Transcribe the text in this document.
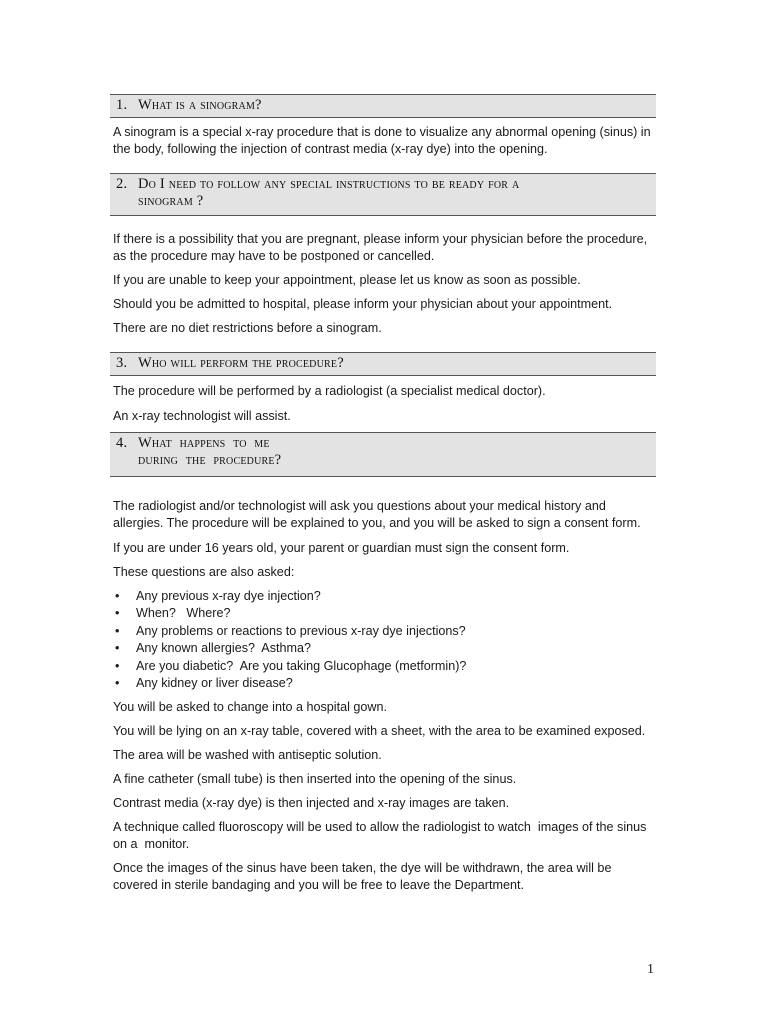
1. What is a sinogram?
A sinogram is a special x-ray procedure that is done to visualize any abnormal opening (sinus) in the body, following the injection of contrast media (x-ray dye) into the opening.
2. Do I need to follow any special instructions to be ready for a
sinogram ?
If there is a possibility that you are pregnant, please inform your physician before the procedure, as the procedure may have to be postponed or cancelled.
If you are unable to keep your appointment, please let us know as soon as possible.
Should you be admitted to hospital, please inform your physician about your appointment.
There are no diet restrictions before a sinogram.
3. Who will perform the procedure?
The procedure will be performed by a radiologist (a specialist medical doctor).
An x-ray technologist will assist.
4. What  happens  to  me
during  the  procedure?
The radiologist and/or technologist will ask you questions about your medical history and allergies. The procedure will be explained to you, and you will be asked to sign a consent form.
If you are under 16 years old, your parent or guardian must sign the consent form.
These questions are also asked:
• Any previous x-ray dye injection?
• When?   Where?
• Any problems or reactions to previous x-ray dye injections?
• Any known allergies?  Asthma?
• Are you diabetic?  Are you taking Glucophage (metformin)?
• Any kidney or liver disease?
You will be asked to change into a hospital gown.
You will be lying on an x-ray table, covered with a sheet, with the area to be examined exposed.
The area will be washed with antiseptic solution.
A fine catheter (small tube) is then inserted into the opening of the sinus.
Contrast media (x-ray dye) is then injected and x-ray images are taken.
A technique called fluoroscopy will be used to allow the radiologist to watch  images of the sinus on a  monitor.
Once the images of the sinus have been taken, the dye will be withdrawn, the area will be covered in sterile bandaging and you will be free to leave the Department.
1
